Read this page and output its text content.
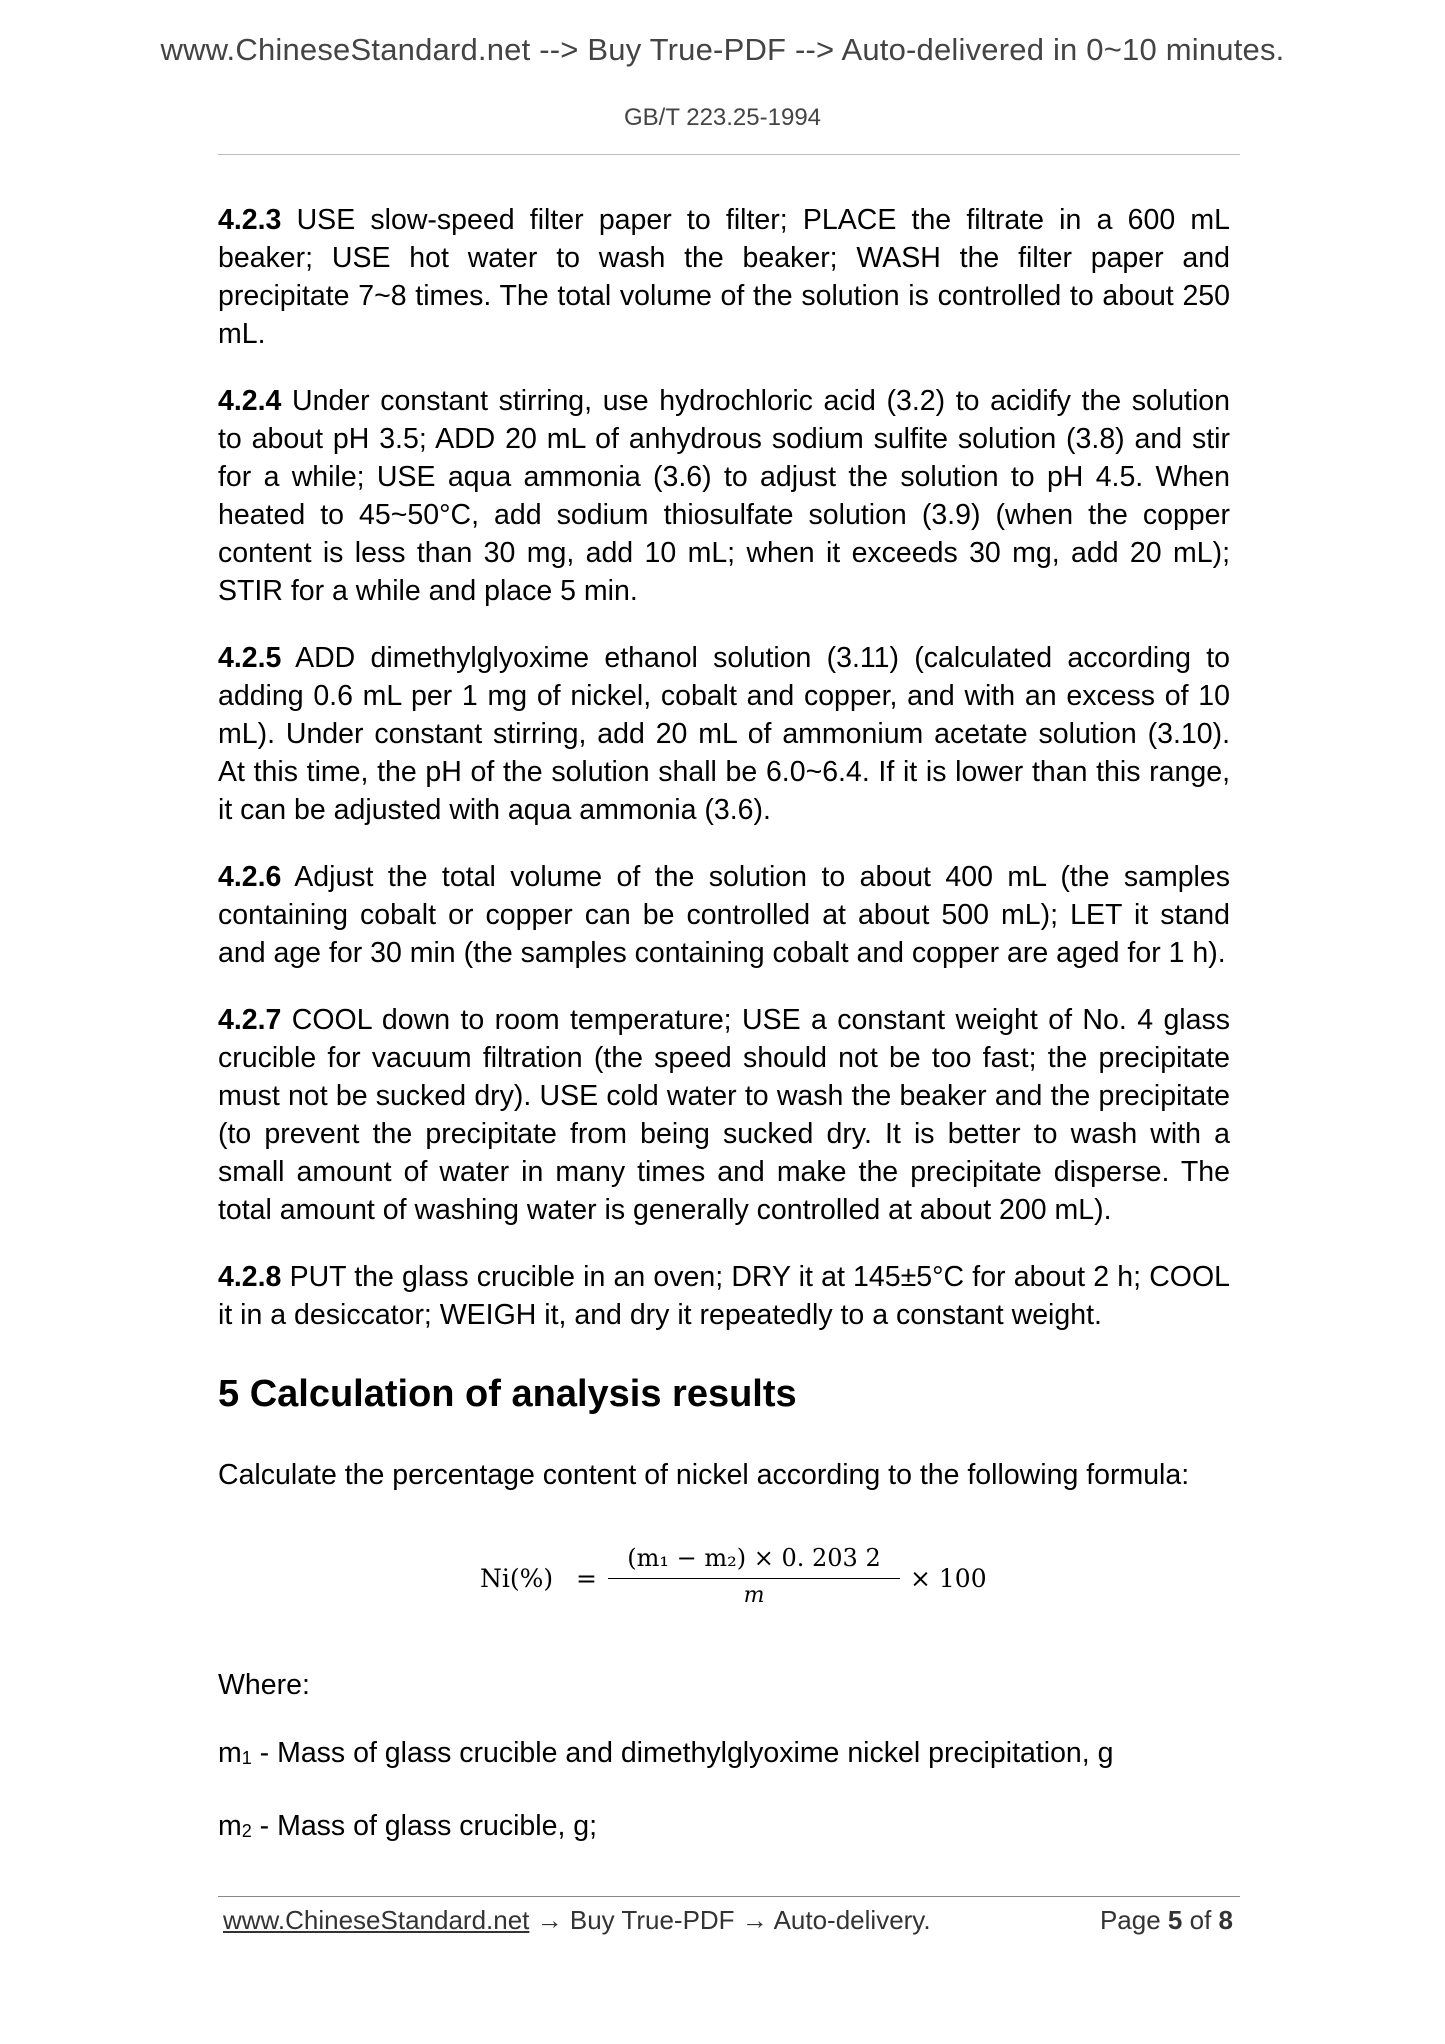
www.ChineseStandard.net --> Buy True-PDF --> Auto-delivered in 0~10 minutes.
GB/T 223.25-1994

4.2.3 USE slow-speed filter paper to filter; PLACE the filtrate in a 600 mL beaker; USE hot water to wash the beaker; WASH the filter paper and precipitate 7~8 times. The total volume of the solution is controlled to about 250 mL.

4.2.4 Under constant stirring, use hydrochloric acid (3.2) to acidify the solution to about pH 3.5; ADD 20 mL of anhydrous sodium sulfite solution (3.8) and stir for a while; USE aqua ammonia (3.6) to adjust the solution to pH 4.5. When heated to 45~50°C, add sodium thiosulfate solution (3.9) (when the copper content is less than 30 mg, add 10 mL; when it exceeds 30 mg, add 20 mL); STIR for a while and place 5 min.

4.2.5 ADD dimethylglyoxime ethanol solution (3.11) (calculated according to adding 0.6 mL per 1 mg of nickel, cobalt and copper, and with an excess of 10 mL). Under constant stirring, add 20 mL of ammonium acetate solution (3.10). At this time, the pH of the solution shall be 6.0~6.4. If it is lower than this range, it can be adjusted with aqua ammonia (3.6).

4.2.6 Adjust the total volume of the solution to about 400 mL (the samples containing cobalt or copper can be controlled at about 500 mL); LET it stand and age for 30 min (the samples containing cobalt and copper are aged for 1 h).

4.2.7 COOL down to room temperature; USE a constant weight of No. 4 glass crucible for vacuum filtration (the speed should not be too fast; the precipitate must not be sucked dry). USE cold water to wash the beaker and the precipitate (to prevent the precipitate from being sucked dry. It is better to wash with a small amount of water in many times and make the precipitate disperse. The total amount of washing water is generally controlled at about 200 mL).

4.2.8 PUT the glass crucible in an oven; DRY it at 145±5°C for about 2 h; COOL it in a desiccator; WEIGH it, and dry it repeatedly to a constant weight.

5 Calculation of analysis results

Calculate the percentage content of nickel according to the following formula:

Ni(%) =
(m₁ − m₂) × 0. 203 2
m
× 100

Where:

$m_1$ - Mass of glass crucible and dimethylglyoxime nickel precipitation, g

$m_2$ - Mass of glass crucible, g;

www.ChineseStandard.net → Buy True-PDF → Auto-delivery.	Page 5 of 8
